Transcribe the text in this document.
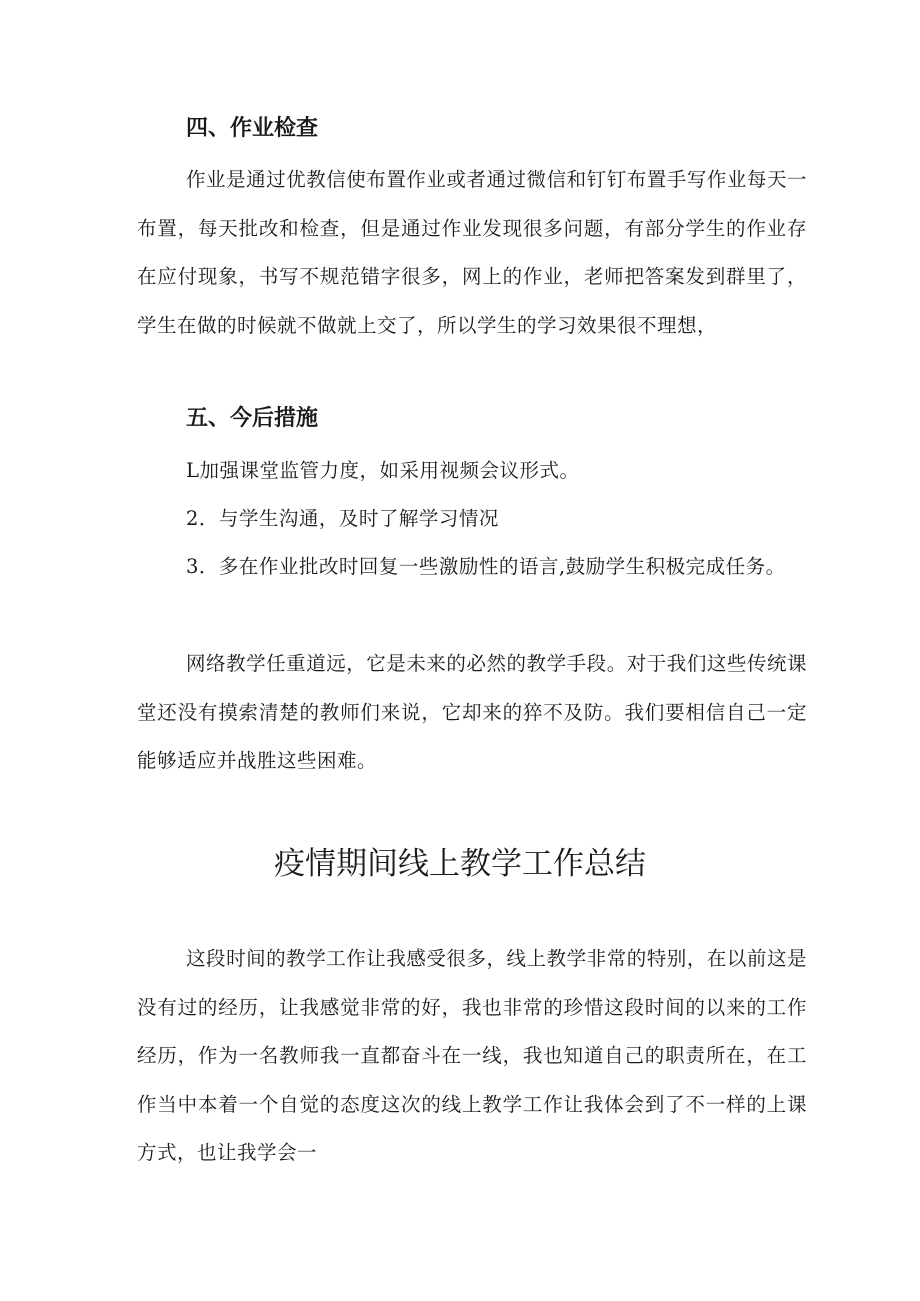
四、作业检查

作业是通过优教信使布置作业或者通过微信和钉钉布置手写作业每天一布置，每天批改和检查，但是通过作业发现很多问题，有部分学生的作业存在应付现象，书写不规范错字很多，网上的作业，老师把答案发到群里了，学生在做的时候就不做就上交了，所以学生的学习效果很不理想，

五、今后措施

L加强课堂监管力度，如采用视频会议形式。

2．与学生沟通，及时了解学习情况

3．多在作业批改时回复一些激励性的语言,鼓励学生积极完成任务。

网络教学任重道远，它是未来的必然的教学手段。对于我们这些传统课堂还没有摸索清楚的教师们来说，它却来的猝不及防。我们要相信自己一定能够适应并战胜这些困难。

疫情期间线上教学工作总结

这段时间的教学工作让我感受很多，线上教学非常的特别，在以前这是没有过的经历，让我感觉非常的好，我也非常的珍惜这段时间的以来的工作经历，作为一名教师我一直都奋斗在一线，我也知道自己的职责所在，在工作当中本着一个自觉的态度这次的线上教学工作让我体会到了不一样的上课方式，也让我学会一
